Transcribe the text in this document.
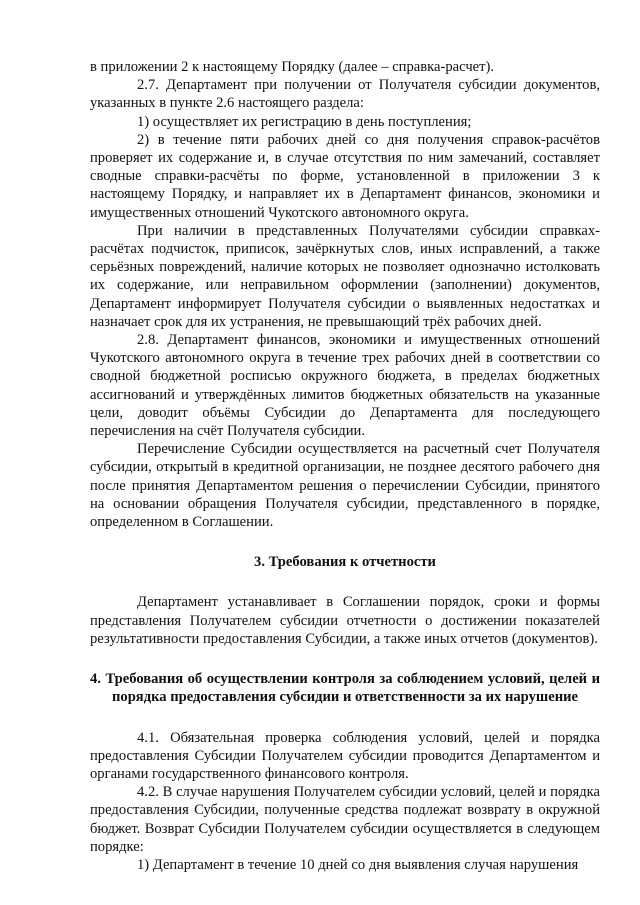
в приложении 2 к настоящему Порядку (далее – справка-расчет).

2.7. Департамент при получении от Получателя субсидии документов, указанных в пункте 2.6 настоящего раздела:

1) осуществляет их регистрацию в день поступления;

2) в течение пяти рабочих дней со дня получения справок-расчётов проверяет их содержание и, в случае отсутствия по ним замечаний, составляет сводные справки-расчёты по форме, установленной в приложении 3 к настоящему Порядку, и направляет их в Департамент финансов, экономики и имущественных отношений Чукотского автономного округа.

При наличии в представленных Получателями субсидии справках-расчётах подчисток, приписок, зачёркнутых слов, иных исправлений, а также серьёзных повреждений, наличие которых не позволяет однозначно истолковать их содержание, или неправильном оформлении (заполнении) документов, Департамент информирует Получателя субсидии о выявленных недостатках и назначает срок для их устранения, не превышающий трёх рабочих дней.

2.8. Департамент финансов, экономики и имущественных отношений Чукотского автономного округа в течение трех рабочих дней в соответствии со сводной бюджетной росписью окружного бюджета, в пределах бюджетных ассигнований и утверждённых лимитов бюджетных обязательств на указанные цели, доводит объёмы Субсидии до Департамента для последующего перечисления на счёт Получателя субсидии.

Перечисление Субсидии осуществляется на расчетный счет Получателя субсидии, открытый в кредитной организации, не позднее десятого рабочего дня после принятия Департаментом решения о перечислении Субсидии, принятого на основании обращения Получателя субсидии, представленного в порядке, определенном в Соглашении.

3. Требования к отчетности

Департамент устанавливает в Соглашении порядок, сроки и формы представления Получателем субсидии отчетности о достижении показателей результативности предоставления Субсидии, а также иных отчетов (документов).

4. Требования об осуществлении контроля за соблюдением условий, целей и порядка предоставления субсидии и ответственности за их нарушение

4.1. Обязательная проверка соблюдения условий, целей и порядка предоставления Субсидии Получателем субсидии проводится Департаментом и органами государственного финансового контроля.

4.2. В случае нарушения Получателем субсидии условий, целей и порядка предоставления Субсидии, полученные средства подлежат возврату в окружной бюджет. Возврат Субсидии Получателем субсидии осуществляется в следующем порядке:

1) Департамент в течение 10 дней со дня выявления случая нарушения
